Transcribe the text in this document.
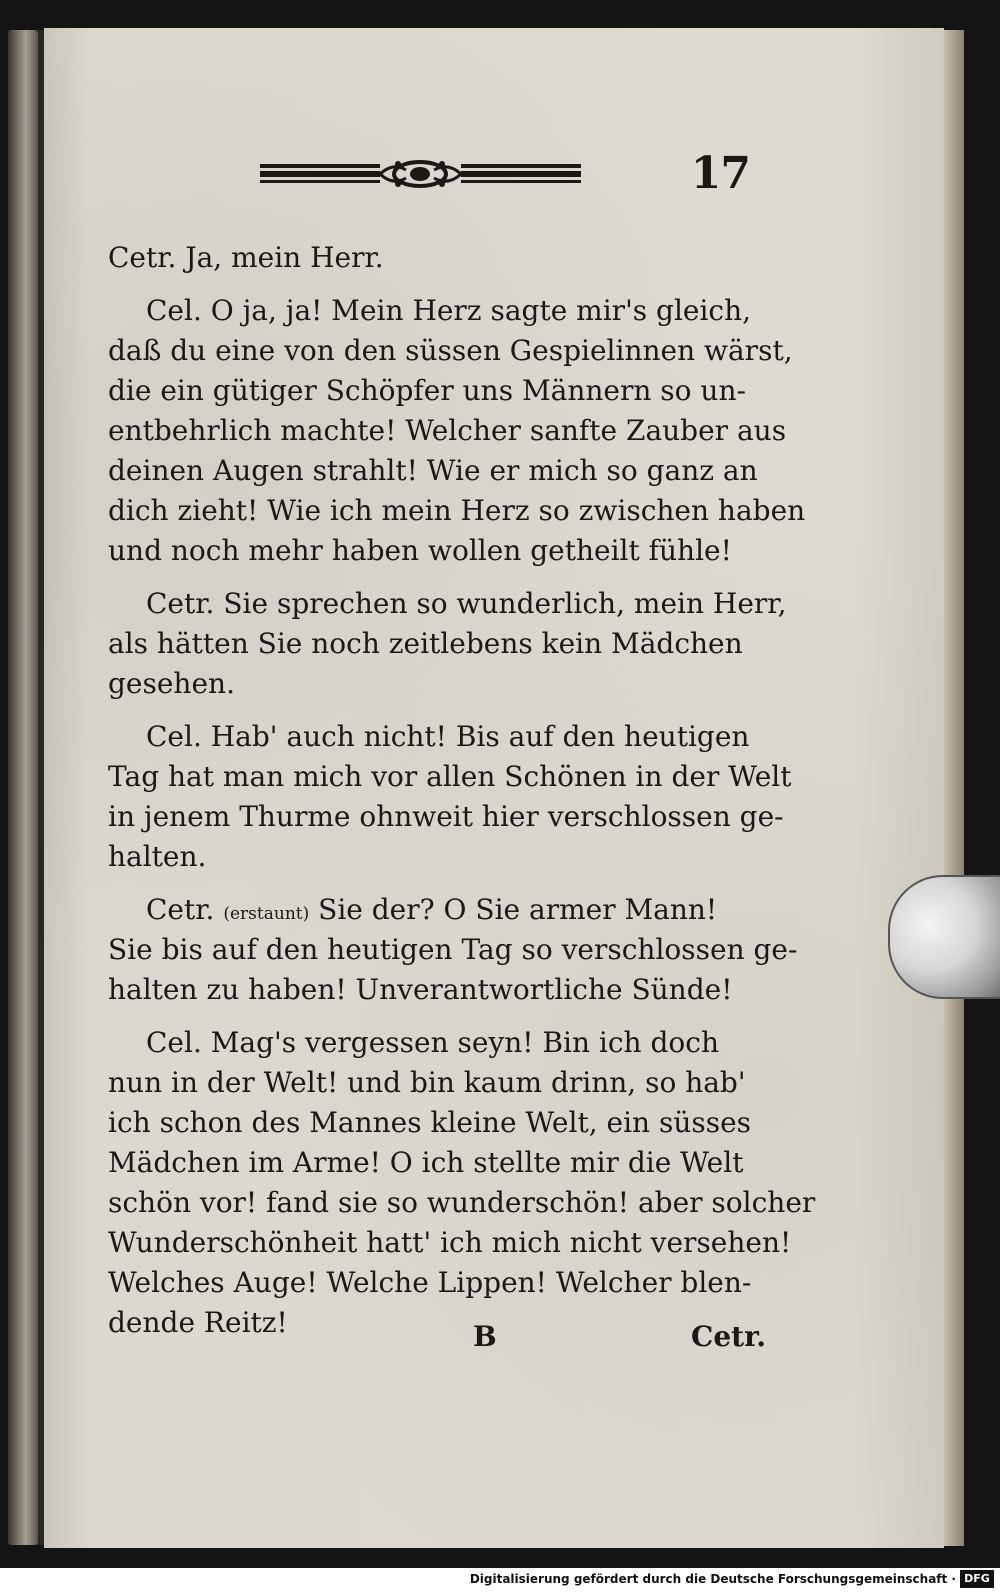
17
Cetr. Ja, mein Herr.
Cel. O ja, ja! Mein Herz sagte mir's gleich,
daß du eine von den süssen Gespielinnen wärst,
die ein gütiger Schöpfer uns Männern so un-
entbehrlich machte! Welcher sanfte Zauber aus
deinen Augen strahlt! Wie er mich so ganz an
dich zieht! Wie ich mein Herz so zwischen haben
und noch mehr haben wollen getheilt fühle!
Cetr. Sie sprechen so wunderlich, mein Herr,
als hätten Sie noch zeitlebens kein Mädchen
gesehen.
Cel. Hab' auch nicht! Bis auf den heutigen
Tag hat man mich vor allen Schönen in der Welt
in jenem Thurme ohnweit hier verschlossen ge-
halten.
Cetr. (erstaunt) Sie der? O Sie armer Mann!
Sie bis auf den heutigen Tag so verschlossen ge-
halten zu haben! Unverantwortliche Sünde!
Cel. Mag's vergessen seyn! Bin ich doch
nun in der Welt! und bin kaum drinn, so hab'
ich schon des Mannes kleine Welt, ein süsses
Mädchen im Arme! O ich stellte mir die Welt
schön vor! fand sie so wunderschön! aber solcher
Wunderschönheit hatt' ich mich nicht versehen!
Welches Auge! Welche Lippen! Welcher blen-
dende Reitz!	B	Cetr.
Digitalisierung gefördert durch die Deutsche Forschungsgemeinschaft · DFG
